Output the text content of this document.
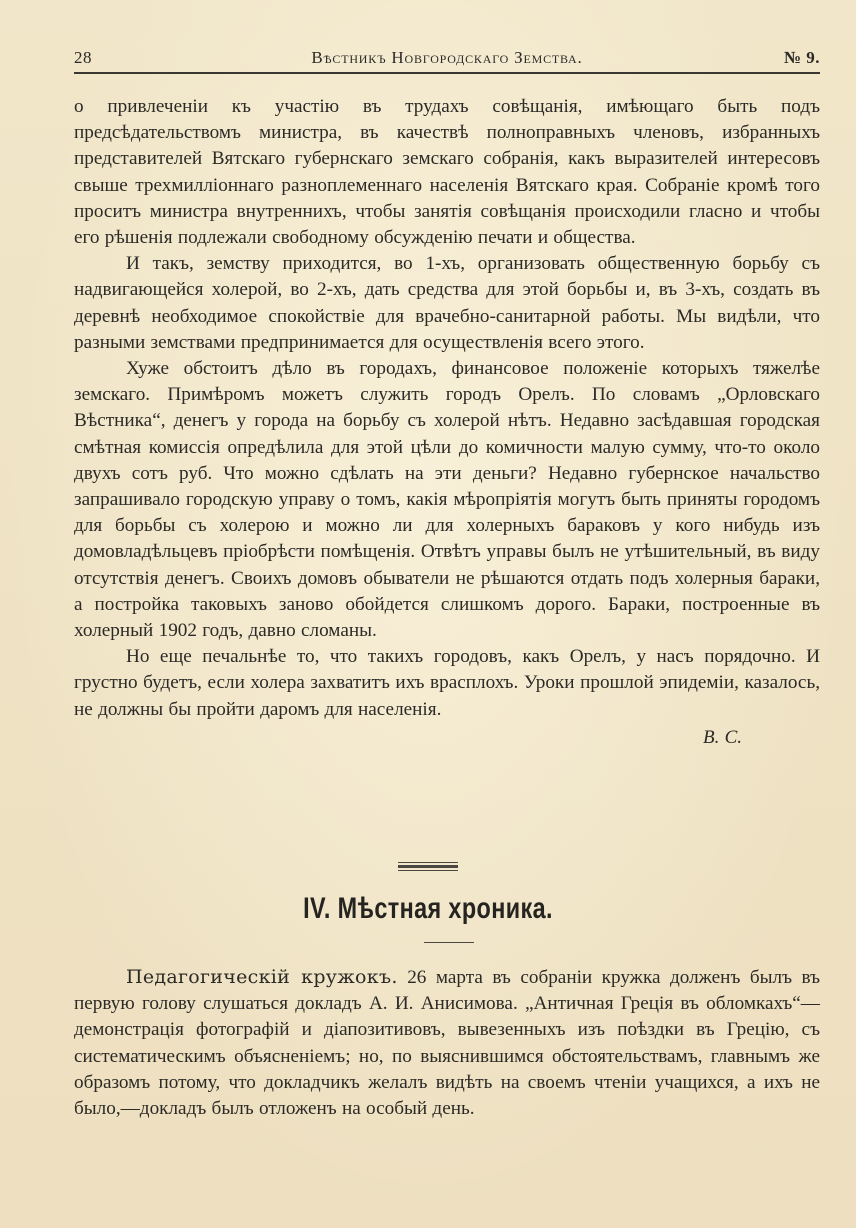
28	Вѣстникъ Новгородскаго Земства.	№ 9.

о привлеченіи къ участію въ трудахъ совѣщанія, имѣющаго быть подъ предсѣдательствомъ министра, въ качествѣ полноправныхъ членовъ, избранныхъ представителей Вятскаго губернскаго земскаго собранія, какъ выразителей интересовъ свыше трехмилліоннаго разноплеменнаго населенія Вятскаго края. Собраніе кромѣ того проситъ министра внутреннихъ, чтобы занятія совѣщанія происходили гласно и чтобы его рѣшенія подлежали свободному обсужденію печати и общества.

И такъ, земству приходится, во 1-хъ, организовать общественную борьбу съ надвигающейся холерой, во 2-хъ, дать средства для этой борьбы и, въ 3-хъ, создать въ деревнѣ необходимое спокойствіе для врачебно-санитарной работы. Мы видѣли, что разными земствами предпринимается для осуществленія всего этого.

Хуже обстоитъ дѣло въ городахъ, финансовое положеніе которыхъ тяжелѣе земскаго. Примѣромъ можетъ служить городъ Орелъ. По словамъ „Орловскаго Вѣстника“, денегъ у города на борьбу съ холерой нѣтъ. Недавно засѣдавшая городская смѣтная комиссія опредѣлила для этой цѣли до комичности малую сумму, что-то около двухъ сотъ руб. Что можно сдѣлать на эти деньги? Недавно губернское начальство запрашивало городскую управу о томъ, какія мѣропріятія могутъ быть приняты городомъ для борьбы съ холерою и можно ли для холерныхъ бараковъ у кого нибудь изъ домовладѣльцевъ пріобрѣсти помѣщенія. Отвѣтъ управы былъ не утѣшительный, въ виду отсутствія денегъ. Своихъ домовъ обыватели не рѣшаются отдать подъ холерныя бараки, а постройка таковыхъ заново обойдется слишкомъ дорого. Бараки, построенные въ холерный 1902 годъ, давно сломаны.

Но еще печальнѣе то, что такихъ городовъ, какъ Орелъ, у насъ порядочно. И грустно будетъ, если холера захватитъ ихъ врасплохъ. Уроки прошлой эпидеміи, казалось, не должны бы пройти даромъ для населенія.

В. С.

IV. Мѣстная хроника.

Педагогическій кружокъ. 26 марта въ собраніи кружка долженъ былъ въ первую голову слушаться докладъ А. И. Анисимова. „Античная Греція въ обломкахъ“—демонстрація фотографій и діапозитивовъ, вывезенныхъ изъ поѣздки въ Грецію, съ систематическимъ объясненіемъ; но, по выяснившимся обстоятельствамъ, главнымъ же образомъ потому, что докладчикъ желалъ видѣть на своемъ чтеніи учащихся, а ихъ не было,—докладъ былъ отложенъ на особый день.
